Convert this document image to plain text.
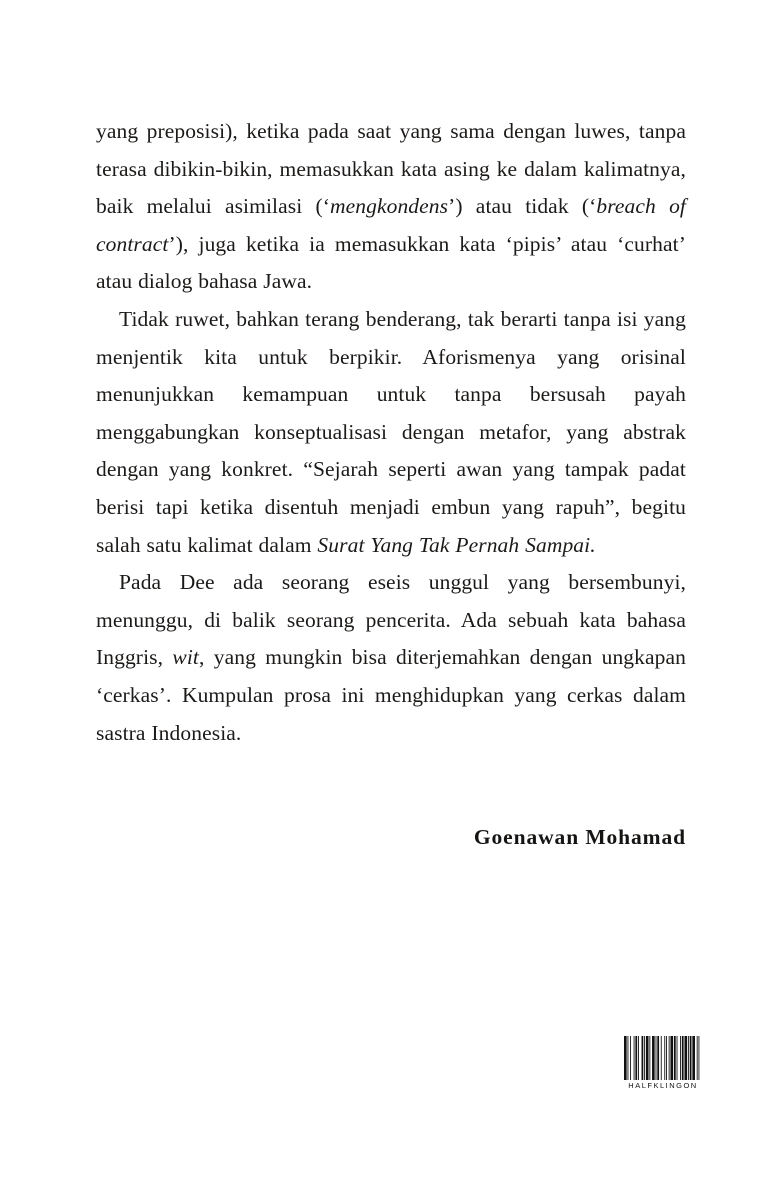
yang preposisi), ketika pada saat yang sama dengan luwes, tanpa terasa dibikin-bikin, memasukkan kata asing ke dalam kalimatnya, baik melalui asimilasi (‘mengkondens’) atau tidak (‘breach of contract’), juga ketika ia memasukkan kata ‘pipis’ atau ‘curhat’ atau dialog bahasa Jawa.

Tidak ruwet, bahkan terang benderang, tak berarti tanpa isi yang menjentik kita untuk berpikir. Aforismenya yang orisinal menunjukkan kemampuan untuk tanpa bersusah payah menggabungkan konseptualisasi dengan metafor, yang abstrak dengan yang konkret. “Sejarah seperti awan yang tampak padat berisi tapi ketika disentuh menjadi embun yang rapuh”, begitu salah satu kalimat dalam Surat Yang Tak Pernah Sampai.

Pada Dee ada seorang eseis unggul yang bersembunyi, menunggu, di balik seorang pencerita. Ada sebuah kata bahasa Inggris, wit, yang mungkin bisa diterjemahkan dengan ungkapan ‘cerkas’. Kumpulan prosa ini menghidupkan yang cerkas dalam sastra Indonesia.

Goenawan Mohamad
HALFKLINGON
